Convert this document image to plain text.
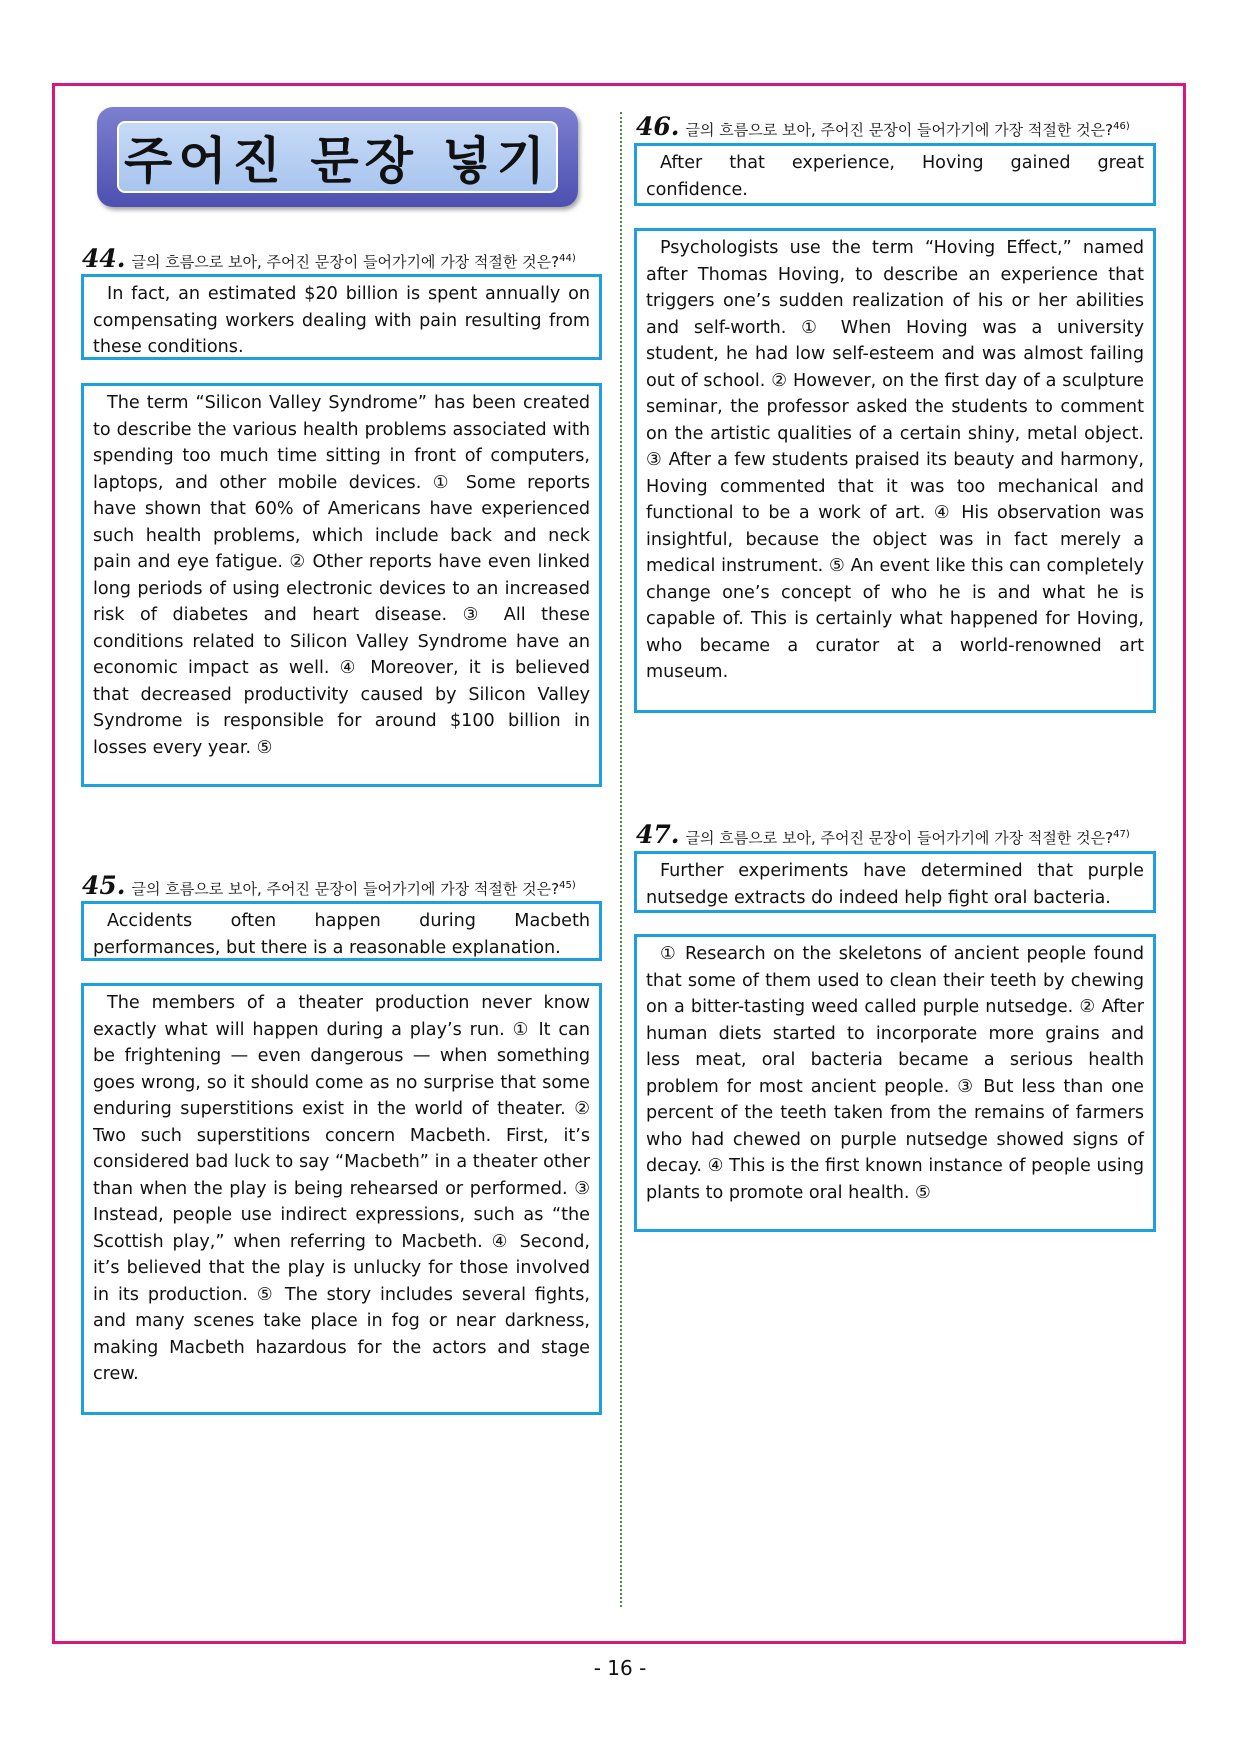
주어진 문장 넣기
44. 글의 흐름으로 보아, 주어진 문장이 들어가기에 가장 적절한 것은?$^{44)}$
In fact, an estimated $20 billion is spent annually on compensating workers dealing with pain resulting from these conditions.
The term “Silicon Valley Syndrome” has been created to describe the various health problems associated with spending too much time sitting in front of computers, laptops, and other mobile devices. ① Some reports have shown that 60% of Americans have experienced such health problems, which include back and neck pain and eye fatigue. ② Other reports have even linked long periods of using electronic devices to an increased risk of diabetes and heart disease. ③ All these conditions related to Silicon Valley Syndrome have an economic impact as well. ④ Moreover, it is believed that decreased productivity caused by Silicon Valley Syndrome is responsible for around $100 billion in losses every year. ⑤
45. 글의 흐름으로 보아, 주어진 문장이 들어가기에 가장 적절한 것은?$^{45)}$
Accidents often happen during Macbeth performances, but there is a reasonable explanation.
The members of a theater production never know exactly what will happen during a play’s run. ① It can be frightening — even dangerous — when something goes wrong, so it should come as no surprise that some enduring superstitions exist in the world of theater. ② Two such superstitions concern Macbeth. First, it’s considered bad luck to say “Macbeth” in a theater other than when the play is being rehearsed or performed. ③ Instead, people use indirect expressions, such as “the Scottish play,” when referring to Macbeth. ④ Second, it’s believed that the play is unlucky for those involved in its production. ⑤ The story includes several fights, and many scenes take place in fog or near darkness, making Macbeth hazardous for the actors and stage crew.
46. 글의 흐름으로 보아, 주어진 문장이 들어가기에 가장 적절한 것은?$^{46)}$
After that experience, Hoving gained great confidence.
Psychologists use the term “Hoving Effect,” named after Thomas Hoving, to describe an experience that triggers one’s sudden realization of his or her abilities and self-worth. ① When Hoving was a university student, he had low self-esteem and was almost failing out of school. ② However, on the first day of a sculpture seminar, the professor asked the students to comment on the artistic qualities of a certain shiny, metal object. ③ After a few students praised its beauty and harmony, Hoving commented that it was too mechanical and functional to be a work of art. ④ His observation was insightful, because the object was in fact merely a medical instrument. ⑤ An event like this can completely change one’s concept of who he is and what he is capable of. This is certainly what happened for Hoving, who became a curator at a world-renowned art museum.
47. 글의 흐름으로 보아, 주어진 문장이 들어가기에 가장 적절한 것은?$^{47)}$
Further experiments have determined that purple nutsedge extracts do indeed help fight oral bacteria.
① Research on the skeletons of ancient people found that some of them used to clean their teeth by chewing on a bitter-tasting weed called purple nutsedge. ② After human diets started to incorporate more grains and less meat, oral bacteria became a serious health problem for most ancient people. ③ But less than one percent of the teeth taken from the remains of farmers who had chewed on purple nutsedge showed signs of decay. ④ This is the first known instance of people using plants to promote oral health. ⑤
- 16 -
